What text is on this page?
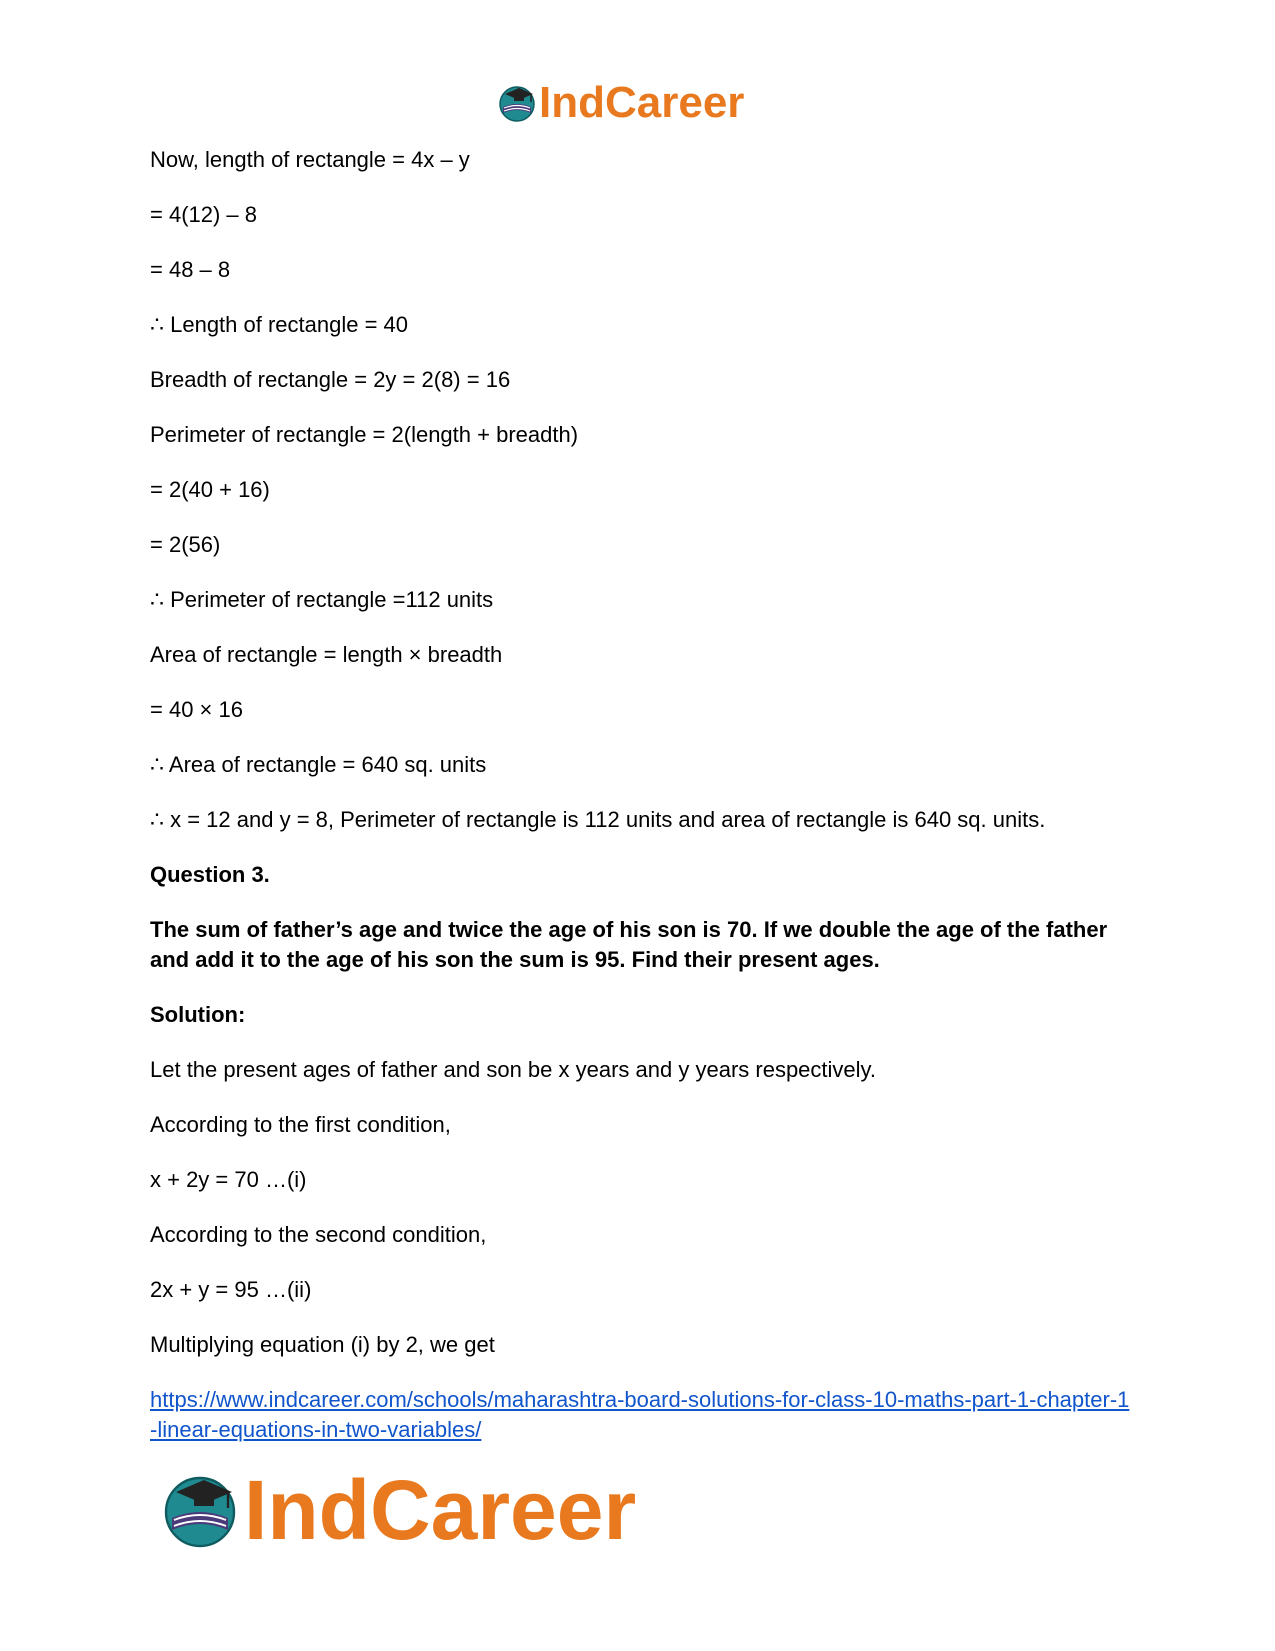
IndCareer
Now, length of rectangle = 4x – y
= 4(12) – 8
= 48 – 8
∴ Length of rectangle = 40
Breadth of rectangle = 2y = 2(8) = 16
Perimeter of rectangle = 2(length + breadth)
= 2(40 + 16)
= 2(56)
∴ Perimeter of rectangle =112 units
Area of rectangle = length × breadth
= 40 × 16
∴ Area of rectangle = 640 sq. units
∴ x = 12 and y = 8, Perimeter of rectangle is 112 units and area of rectangle is 640 sq. units.
Question 3.
The sum of father’s age and twice the age of his son is 70. If we double the age of the father and add it to the age of his son the sum is 95. Find their present ages.
Solution:
Let the present ages of father and son be x years and y years respectively.
According to the first condition,
x + 2y = 70 …(i)
According to the second condition,
2x + y = 95 …(ii)
Multiplying equation (i) by 2, we get
https://www.indcareer.com/schools/maharashtra-board-solutions-for-class-10-maths-part-1-chapter-1-linear-equations-in-two-variables/
IndCareer
